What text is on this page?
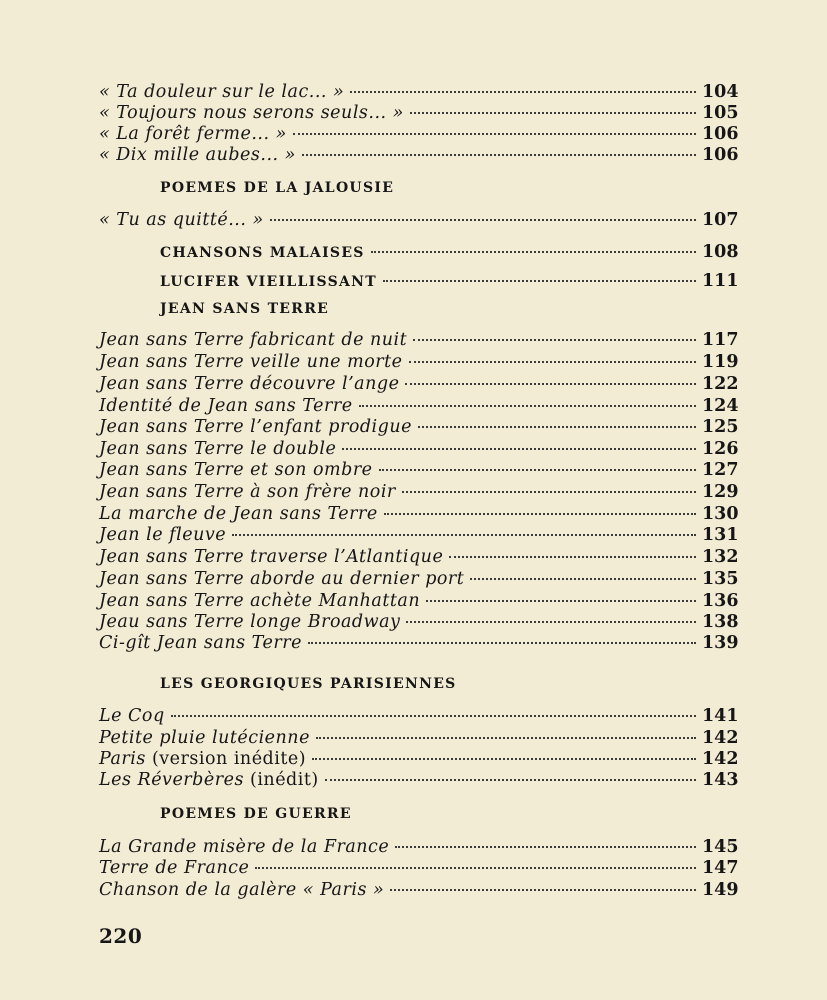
« Ta douleur sur le lac... »	104
« Toujours nous serons seuls... »	105
« La forêt ferme... »	106
« Dix mille aubes... »	106
POEMES DE LA JALOUSIE
« Tu as quitté... »	107
CHANSONS MALAISES	108
LUCIFER VIEILLISSANT	111
JEAN SANS TERRE
Jean sans Terre fabricant de nuit	117
Jean sans Terre veille une morte	119
Jean sans Terre découvre l’ange	122
Identité de Jean sans Terre	124
Jean sans Terre l’enfant prodigue	125
Jean sans Terre le double	126
Jean sans Terre et son ombre	127
Jean sans Terre à son frère noir	129
La marche de Jean sans Terre	130
Jean le fleuve	131
Jean sans Terre traverse l’Atlantique	132
Jean sans Terre aborde au dernier port	135
Jean sans Terre achète Manhattan	136
Jeau sans Terre longe Broadway	138
Ci-gît Jean sans Terre	139
LES GEORGIQUES PARISIENNES
Le Coq	141
Petite pluie lutécienne	142
Paris (version inédite)	142
Les Réverbères (inédit)	143
POEMES DE GUERRE
La Grande misère de la France	145
Terre de France	147
Chanson de la galère « Paris »	149
220
